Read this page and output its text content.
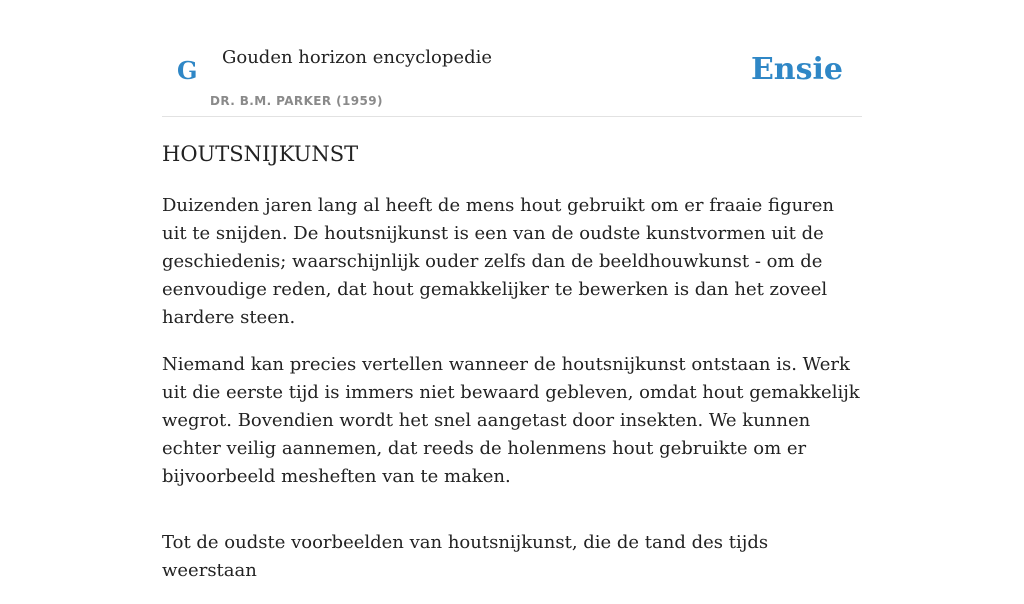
G Gouden horizon encyclopedie
DR. B.M. PARKER (1959)
Ensie
HOUTSNIJKUNST

Duizenden jaren lang al heeft de mens hout gebruikt om er fraaie figuren uit te snijden. De houtsnijkunst is een van de oudste kunstvormen uit de geschiedenis; waarschijnlijk ouder zelfs dan de beeldhouwkunst - om de eenvoudige reden, dat hout gemakkelijker te bewerken is dan het zoveel hardere steen.

Niemand kan precies vertellen wanneer de houtsnijkunst ontstaan is. Werk uit die eerste tijd is immers niet bewaard gebleven, omdat hout gemakkelijk wegrot. Bovendien wordt het snel aangetast door insekten. We kunnen echter veilig aannemen, dat reeds de holenmens hout gebruikte om er bijvoorbeeld mesheften van te maken.

Tot de oudste voorbeelden van houtsnijkunst, die de tand des tijds weerstaan
